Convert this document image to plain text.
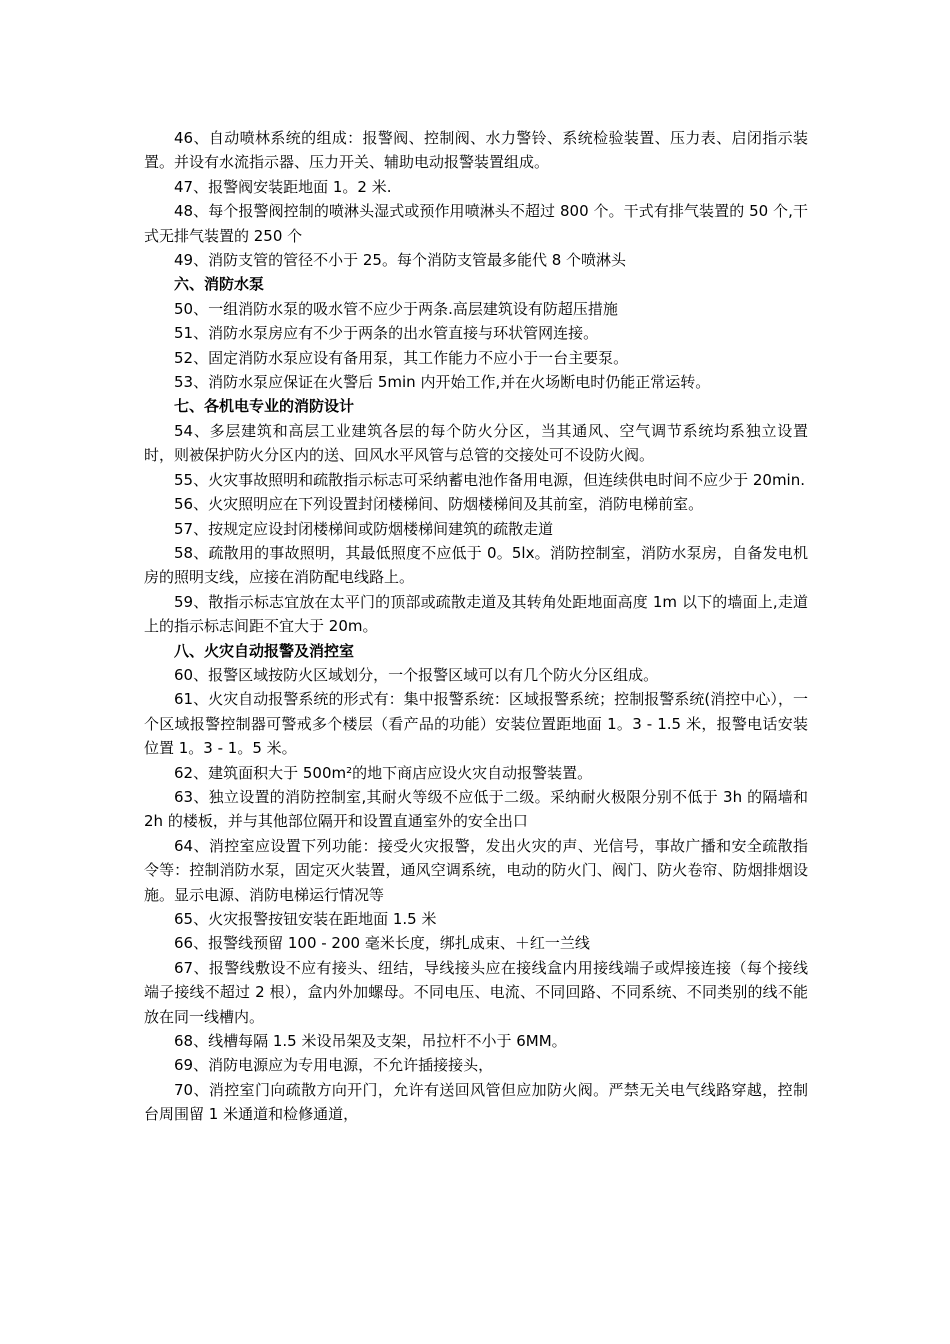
46、自动喷林系统的组成：报警阀、控制阀、水力警铃、系统检验装置、压力表、启闭指示装置。并设有水流指示器、压力开关、辅助电动报警装置组成。

47、报警阀安装距地面 1。2 米.

48、每个报警阀控制的喷淋头湿式或预作用喷淋头不超过 800 个。干式有排气装置的 50 个,干式无排气装置的 250 个

49、消防支管的管径不小于 25。每个消防支管最多能代 8 个喷淋头

六、消防水泵

50、一组消防水泵的吸水管不应少于两条.高层建筑设有防超压措施

51、消防水泵房应有不少于两条的出水管直接与环状管网连接。

52、固定消防水泵应设有备用泵，其工作能力不应小于一台主要泵。

53、消防水泵应保证在火警后 5min 内开始工作,并在火场断电时仍能正常运转。

七、各机电专业的消防设计

54、多层建筑和高层工业建筑各层的每个防火分区，当其通风、空气调节系统均系独立设置时，则被保护防火分区内的送、回风水平风管与总管的交接处可不设防火阀。

55、火灾事故照明和疏散指示标志可采纳蓄电池作备用电源，但连续供电时间不应少于 20min.

56、火灾照明应在下列设置封闭楼梯间、防烟楼梯间及其前室，消防电梯前室。

57、按规定应设封闭楼梯间或防烟楼梯间建筑的疏散走道

58、疏散用的事故照明，其最低照度不应低于 0。5lx。消防控制室，消防水泵房，自备发电机房的照明支线，应接在消防配电线路上。

59、散指示标志宜放在太平门的顶部或疏散走道及其转角处距地面高度 1m 以下的墙面上,走道上的指示标志间距不宜大于 20m。

八、火灾自动报警及消控室

60、报警区域按防火区域划分，一个报警区域可以有几个防火分区组成。

61、火灾自动报警系统的形式有：集中报警系统：区域报警系统；控制报警系统(消控中心），一个区域报警控制器可警戒多个楼层（看产品的功能）安装位置距地面 1。3 - 1.5 米，报警电话安装位置 1。3 - 1。5 米。

62、建筑面积大于 500m²的地下商店应设火灾自动报警装置。

63、独立设置的消防控制室,其耐火等级不应低于二级。采纳耐火极限分别不低于 3h 的隔墙和 2h 的楼板，并与其他部位隔开和设置直通室外的安全出口

64、消控室应设置下列功能：接受火灾报警，发出火灾的声、光信号，事故广播和安全疏散指令等：控制消防水泵，固定灭火装置，通风空调系统，电动的防火门、阀门、防火卷帘、防烟排烟设施。显示电源、消防电梯运行情况等

65、火灾报警按钮安装在距地面 1.5 米

66、报警线预留 100 - 200 毫米长度，绑扎成束、＋红一兰线

67、报警线敷设不应有接头、纽结，导线接头应在接线盒内用接线端子或焊接连接（每个接线端子接线不超过 2 根），盒内外加螺母。不同电压、电流、不同回路、不同系统、不同类别的线不能放在同一线槽内。

68、线槽每隔 1.5 米设吊架及支架，吊拉杆不小于 6MM。

69、消防电源应为专用电源，不允许插接接头，

70、消控室门向疏散方向开门，允许有送回风管但应加防火阀。严禁无关电气线路穿越，控制台周围留 1 米通道和检修通道，
